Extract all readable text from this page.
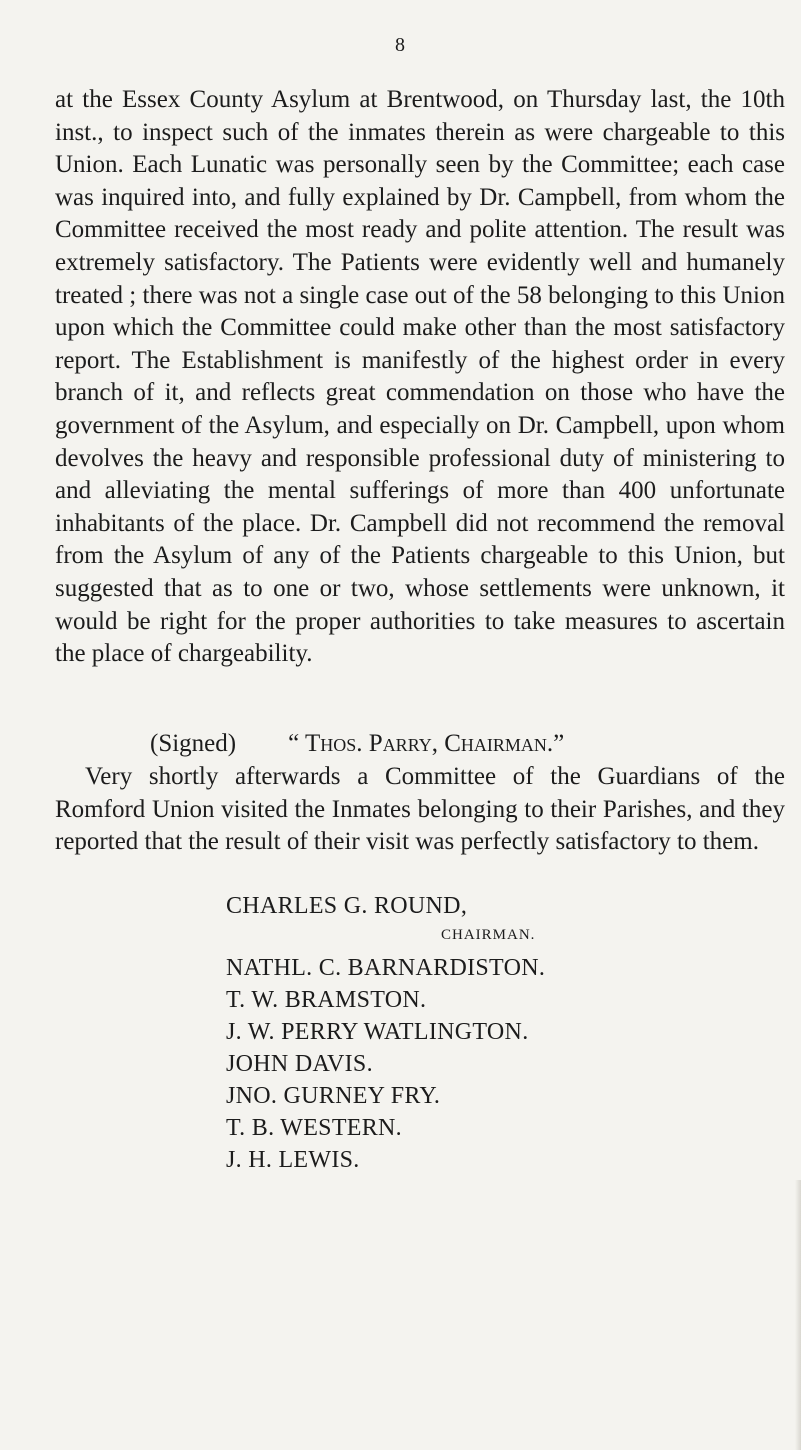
8

at the Essex County Asylum at Brentwood, on Thursday last, the 10th inst., to inspect such of the inmates therein as were chargeable to this Union. Each Lunatic was personally seen by the Committee; each case was inquired into, and fully explained by Dr. Campbell, from whom the Committee received the most ready and polite attention. The result was extremely satisfactory. The Patients were evidently well and humanely treated ; there was not a single case out of the 58 belonging to this Union upon which the Committee could make other than the most satisfactory report. The Establishment is manifestly of the highest order in every branch of it, and reflects great commendation on those who have the government of the Asylum, and especially on Dr. Campbell, upon whom devolves the heavy and responsible professional duty of ministering to and alleviating the mental sufferings of more than 400 unfortunate inhabitants of the place. Dr. Campbell did not recommend the removal from the Asylum of any of the Patients chargeable to this Union, but suggested that as to one or two, whose settlements were unknown, it would be right for the proper authorities to take measures to ascertain the place of chargeability.

(Signed) “ Thos. Parry, Chairman.”

Very shortly afterwards a Committee of the Guardians of the Romford Union visited the Inmates belonging to their Parishes, and they reported that the result of their visit was perfectly satisfactory to them.

CHARLES G. ROUND,
CHAIRMAN.
NATHL. C. BARNARDISTON.
T. W. BRAMSTON.
J. W. PERRY WATLINGTON.
JOHN DAVIS.
JNO. GURNEY FRY.
T. B. WESTERN.
J. H. LEWIS.
